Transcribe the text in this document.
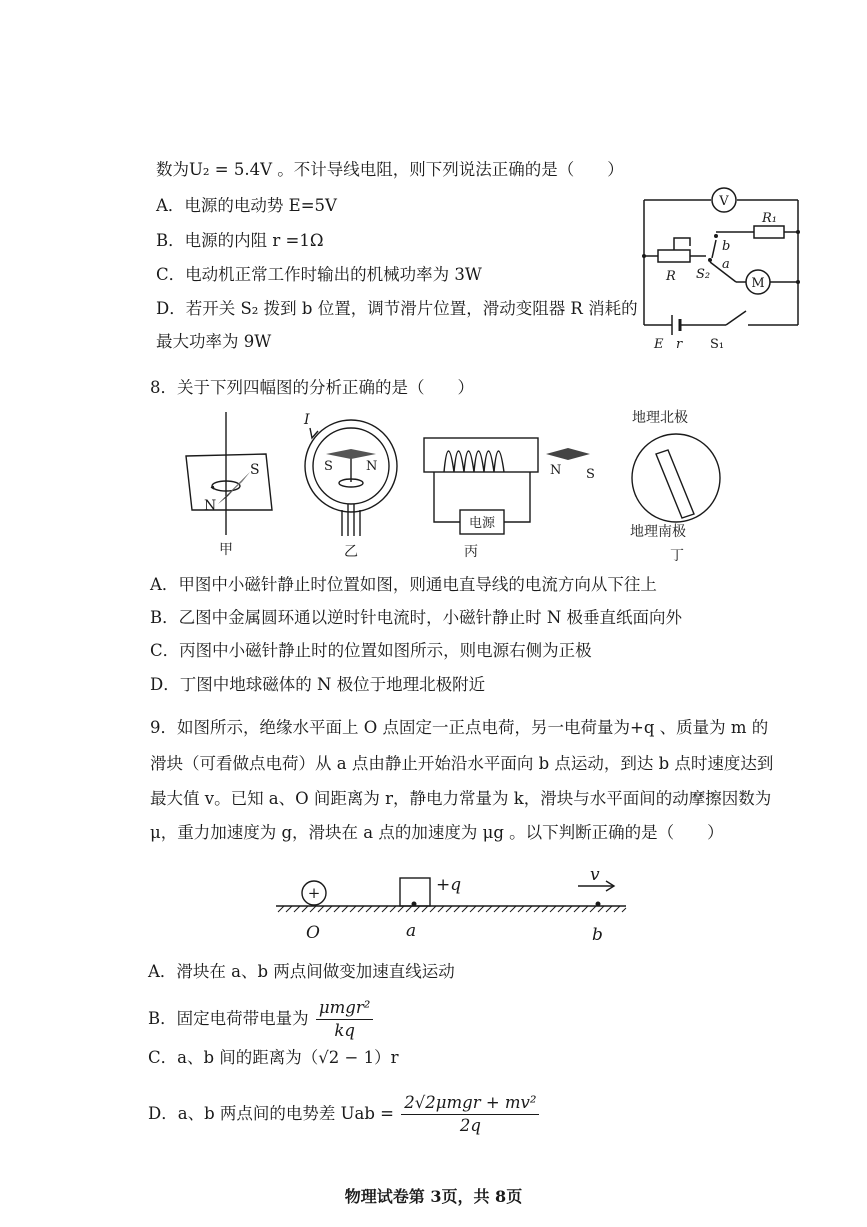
数为U₂ = 5.4V 。不计导线电阻，则下列说法正确的是（　　）
A．电源的电动势 E=5V
B．电源的内阻 r =1Ω
C．电动机正常工作时输出的机械功率为 3W
D．若开关 S₂ 拨到 b 位置，调节滑片位置，滑动变阻器 R 消耗的
最大功率为 9W
V
M
R₁
R S₂
a
b
E r S₁
8．关于下列四幅图的分析正确的是（　　）
S
N
甲
I
S	N
乙
电源
N S
丙
地理北极
地理南极
丁
A．甲图中小磁针静止时位置如图，则通电直导线的电流方向从下往上
B．乙图中金属圆环通以逆时针电流时，小磁针静止时 N 极垂直纸面向外
C．丙图中小磁针静止时的位置如图所示，则电源右侧为正极
D．丁图中地球磁体的 N 极位于地理北极附近
9．如图所示，绝缘水平面上 O 点固定一正点电荷，另一电荷量为+q 、质量为 m 的
滑块（可看做点电荷）从 a 点由静止开始沿水平面向 b 点运动，到达 b 点时速度达到
最大值 v。已知 a、O 间距离为 r，静电力常量为 k，滑块与水平面间的动摩擦因数为
μ，重力加速度为 g，滑块在 a 点的加速度为 μg 。以下判断正确的是（　　）
+	+q	v
O	a	b
A．滑块在 a、b 两点间做变加速直线运动
B．固定电荷带电量为 $\frac{\text{μmgr²}}{kq}$
C．a、b 间的距离为（√2 − 1）r
D．a、b 两点间的电势差 Uab = $\frac{\text{2√2μmgr + mv²}}{2q}$
物理试卷第 3页，共 8页
